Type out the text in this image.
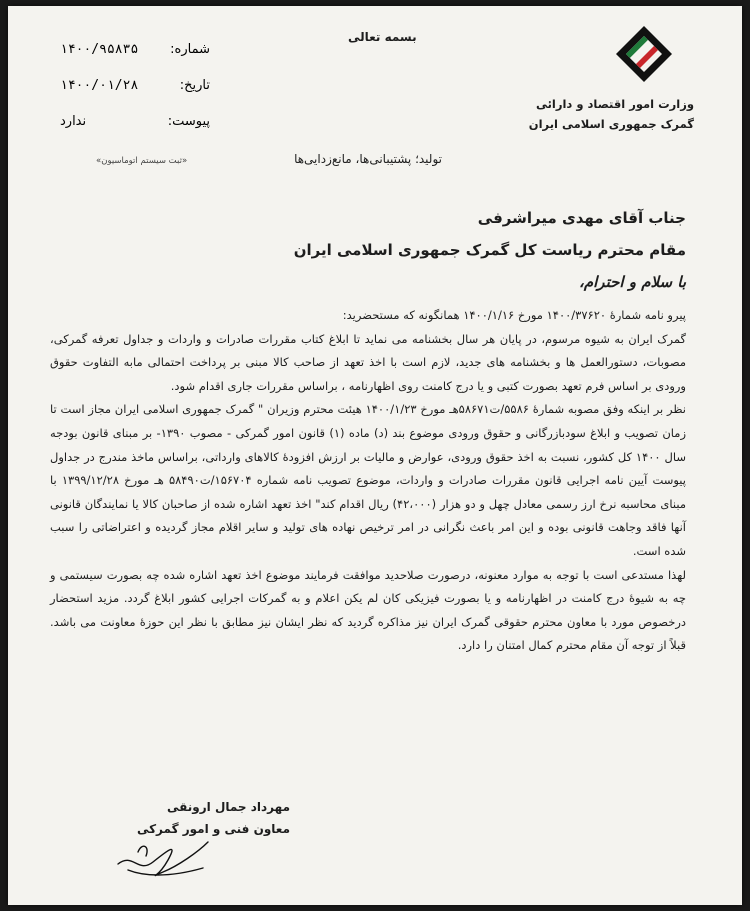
بسمه تعالی
وزارت امور اقتصاد و دارائی
گمرک جمهوری اسلامی ایران
شماره:
۱۴۰۰/۹۵۸۳۵
تاریخ:
۱۴۰۰/۰۱/۲۸
پیوست:
ندارد
«ثبت سیستم اتوماسیون»	تولید؛ پشتیبانی‌ها، مانع‌زدایی‌ها
جناب آقای مهدی میراشرفی
مقام محترم ریاست کل گمرک جمهوری اسلامی ایران
با سلام و احترام،

پیرو نامه شمارهٔ ۱۴۰۰/۳۷۶۲۰ مورخ ۱۴۰۰/۱/۱۶ همانگونه که مستحضرید:

گمرک ایران به شیوه مرسوم، در پایان هر سال بخشنامه می نماید تا ابلاغ کتاب مقررات صادرات و واردات و جداول تعرفه گمرکی، مصوبات، دستورالعمل ها و بخشنامه های جدید، لازم است با اخذ تعهد از صاحب کالا مبنی بر پرداخت احتمالی مابه التفاوت حقوق ورودی بر اساس فرم تعهد بصورت کتبی و یا درج کامنت روی اظهارنامه ، براساس مقررات جاری اقدام شود.

نظر بر اینکه وفق مصوبه شمارهٔ ۵۵۸۶/ت۵۸۶۷۱هـ مورخ ۱۴۰۰/۱/۲۳ هیئت محترم وزیران " گمرک جمهوری اسلامی ایران مجاز است تا زمان تصویب و ابلاغ سودبازرگانی و حقوق ورودی موضوع بند (د) ماده (۱) قانون امور گمرکی - مصوب ۱۳۹۰- بر مبنای قانون بودجه سال ۱۴۰۰ کل کشور، نسبت به اخذ حقوق ورودی، عوارض و مالیات بر ارزش افزودهٔ کالاهای وارداتی، براساس ماخذ مندرج در جداول پیوست آیین نامه اجرایی قانون مقررات صادرات و واردات، موضوع تصویب نامه شماره ۱۵۶۷۰۴/ت۵۸۴۹۰ هـ مورخ ۱۳۹۹/۱۲/۲۸ با مبنای محاسبه نرخ ارز رسمی معادل چهل و دو هزار (۴۲،۰۰۰) ریال اقدام کند" اخذ تعهد اشاره شده از صاحبان کالا یا نمایندگان قانونی آنها فاقد وجاهت قانونی بوده و این امر باعث نگرانی در امر ترخیص نهاده های تولید و سایر اقلام مجاز گردیده و اعتراضاتی را سبب شده است.

لهذا مستدعی است با توجه به موارد معنونه، درصورت صلاحدید موافقت فرمایند موضوع اخذ تعهد اشاره شده چه بصورت سیستمی و چه به شیوهٔ درج کامنت در اظهارنامه و یا بصورت فیزیکی کان لم یکن اعلام و به گمرکات اجرایی کشور ابلاغ گردد. مزید استحضار درخصوص مورد با معاون محترم حقوقی گمرک ایران نیز مذاکره گردید که نظر ایشان نیز مطابق با نظر این حوزهٔ معاونت می باشد. قبلاً از توجه آن مقام محترم کمال امتنان را دارد.

مهرداد جمال ارونقی
معاون فنی و امور گمرکی
